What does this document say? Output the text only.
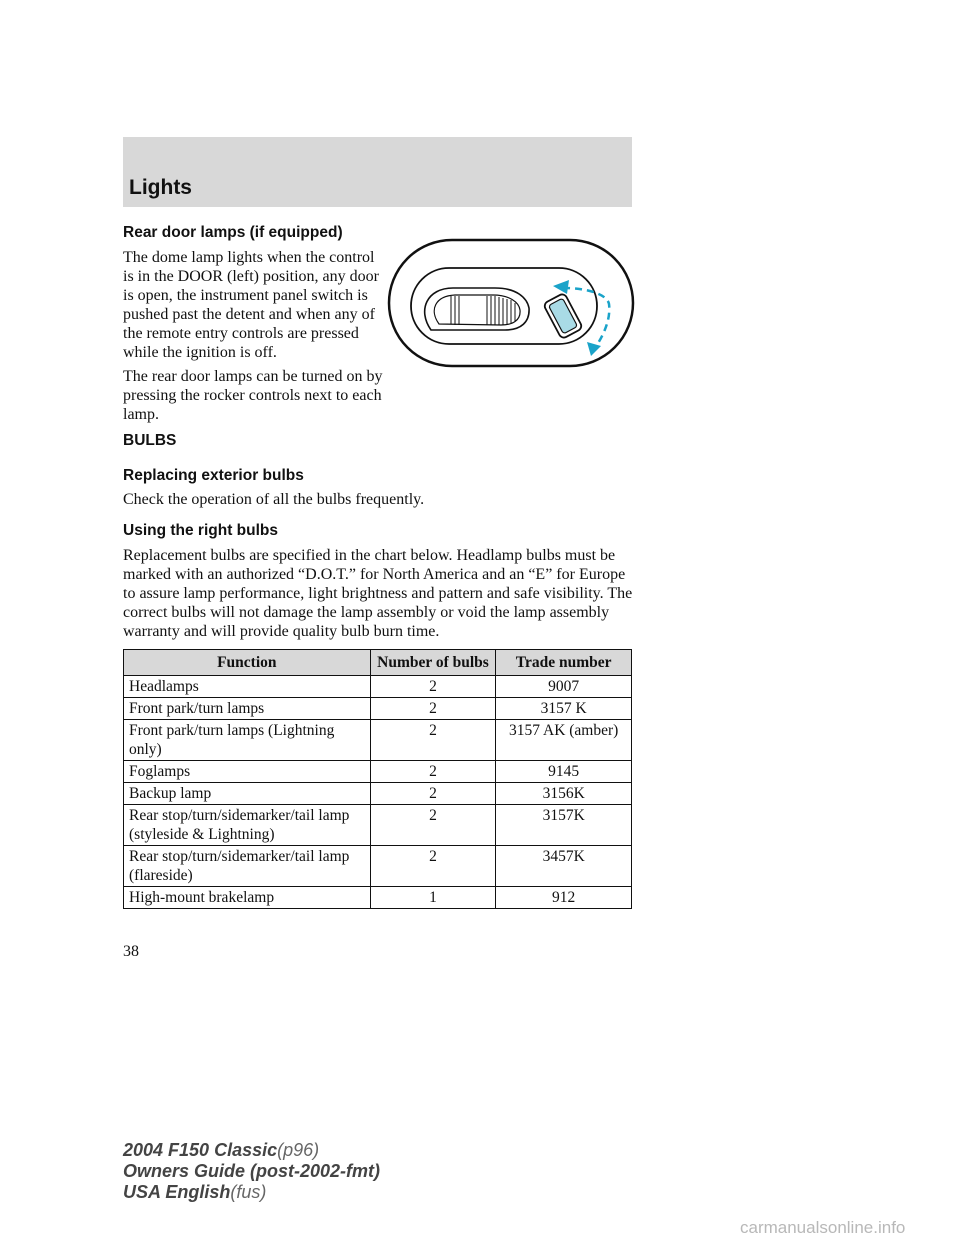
Lights
Rear door lamps (if equipped)
The dome lamp lights when the control is in the DOOR (left) position, any door is open, the instrument panel switch is pushed past the detent and when any of the remote entry controls are pressed while the ignition is off.
The rear door lamps can be turned on by pressing the rocker controls next to each lamp.
BULBS
Replacing exterior bulbs
Check the operation of all the bulbs frequently.
Using the right bulbs
Replacement bulbs are specified in the chart below. Headlamp bulbs must be marked with an authorized “D.O.T.” for North America and an “E” for Europe to assure lamp performance, light brightness and pattern and safe visibility. The correct bulbs will not damage the lamp assembly or void the lamp assembly warranty and will provide quality bulb burn time.
Function	Number of bulbs	Trade number
Headlamps	2	9007
Front park/turn lamps	2	3157 K
Front park/turn lamps (Lightning only)	2	3157 AK (amber)
Foglamps	2	9145
Backup lamp	2	3156K
Rear stop/turn/sidemarker/tail lamp (styleside & Lightning)	2	3157K
Rear stop/turn/sidemarker/tail lamp (flareside)	2	3457K
High-mount brakelamp	1	912
38
2004 F150 Classic(p96)
Owners Guide (post-2002-fmt)
USA English(fus)
carmanualsonline.info
